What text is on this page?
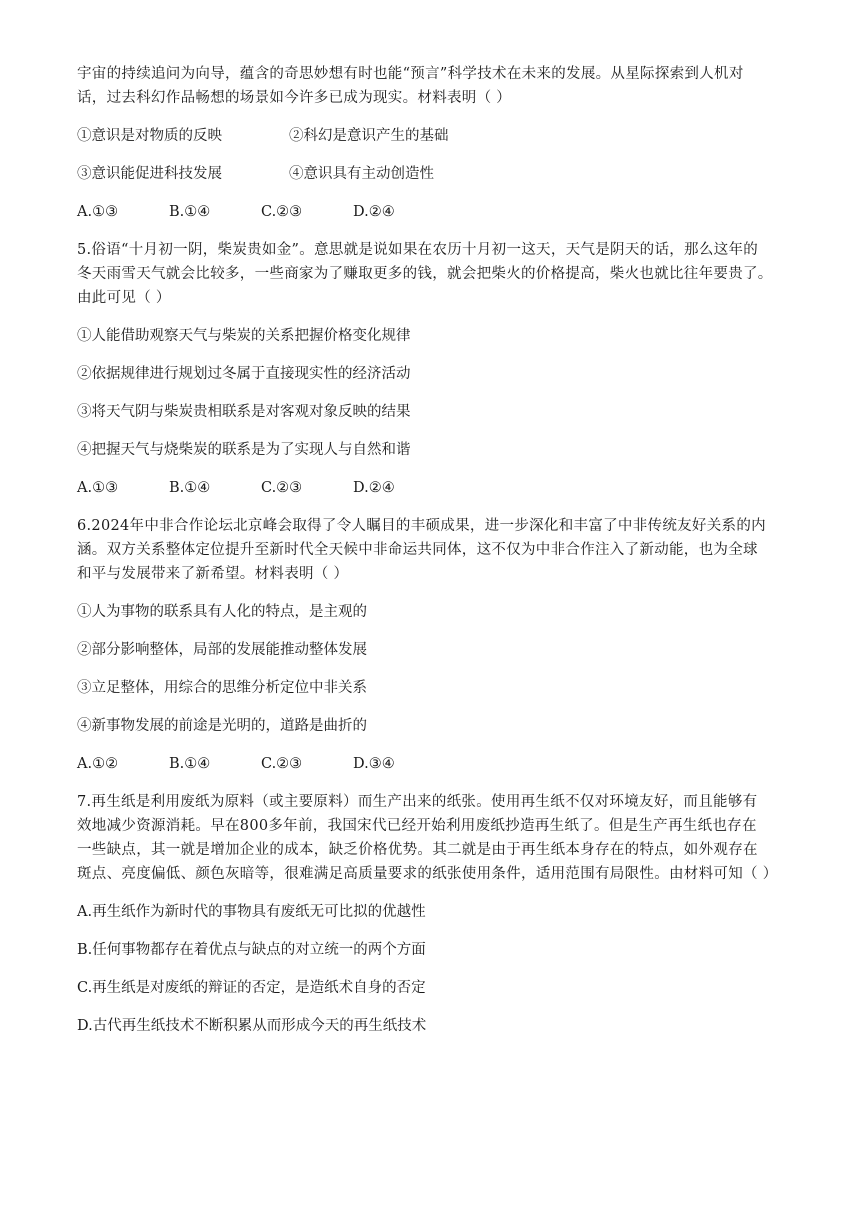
宇宙的持续追问为向导，蕴含的奇思妙想有时也能“预言”科学技术在未来的发展。从星际探索到人机对
话，过去科幻作品畅想的场景如今许多已成为现实。材料表明（ ）
①意识是对物质的反映	②科幻是意识产生的基础
③意识能促进科技发展	④意识具有主动创造性
A.①③	B.①④	C.②③	D.②④
5.俗语“十月初一阴，柴炭贵如金”。意思就是说如果在农历十月初一这天，天气是阴天的话，那么这年的
冬天雨雪天气就会比较多，一些商家为了赚取更多的钱，就会把柴火的价格提高，柴火也就比往年要贵了。
由此可见（ ）
①人能借助观察天气与柴炭的关系把握价格变化规律
②依据规律进行规划过冬属于直接现实性的经济活动
③将天气阴与柴炭贵相联系是对客观对象反映的结果
④把握天气与烧柴炭的联系是为了实现人与自然和谐
A.①③	B.①④	C.②③	D.②④
6.2024年中非合作论坛北京峰会取得了令人瞩目的丰硕成果，进一步深化和丰富了中非传统友好关系的内
涵。双方关系整体定位提升至新时代全天候中非命运共同体，这不仅为中非合作注入了新动能，也为全球
和平与发展带来了新希望。材料表明（ ）
①人为事物的联系具有人化的特点，是主观的
②部分影响整体，局部的发展能推动整体发展
③立足整体，用综合的思维分析定位中非关系
④新事物发展的前途是光明的，道路是曲折的
A.①②	B.①④	C.②③	D.③④
7.再生纸是利用废纸为原料（或主要原料）而生产出来的纸张。使用再生纸不仅对环境友好，而且能够有
效地减少资源消耗。早在800多年前，我国宋代已经开始利用废纸抄造再生纸了。但是生产再生纸也存在
一些缺点，其一就是增加企业的成本，缺乏价格优势。其二就是由于再生纸本身存在的特点，如外观存在
斑点、亮度偏低、颜色灰暗等，很难满足高质量要求的纸张使用条件，适用范围有局限性。由材料可知（ ）
A.再生纸作为新时代的事物具有废纸无可比拟的优越性
B.任何事物都存在着优点与缺点的对立统一的两个方面
C.再生纸是对废纸的辩证的否定，是造纸术自身的否定
D.古代再生纸技术不断积累从而形成今天的再生纸技术
